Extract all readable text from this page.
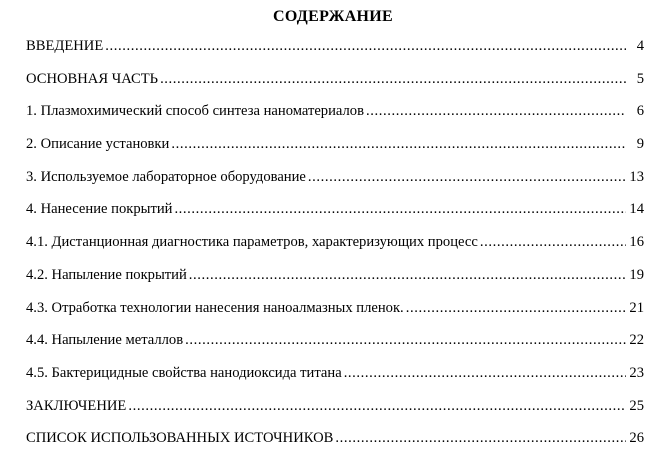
СОДЕРЖАНИЕ
ВВЕДЕНИЕ .....	4
ОСНОВНАЯ ЧАСТЬ .....	5
1. Плазмохимический способ синтеза наноматериалов .....	6
2. Описание установки .....	9
3. Используемое лабораторное оборудование .....	13
4. Нанесение покрытий .....	14
4.1. Дистанционная диагностика параметров, характеризующих процесс .....	16
4.2. Напыление покрытий .....	19
4.3. Отработка технологии нанесения наноалмазных пленок. .....	21
4.4. Напыление металлов .....	22
4.5. Бактерицидные свойства нанодиоксида титана .....	23
ЗАКЛЮЧЕНИЕ .....	25
СПИСОК ИСПОЛЬЗОВАННЫХ ИСТОЧНИКОВ .....	26
